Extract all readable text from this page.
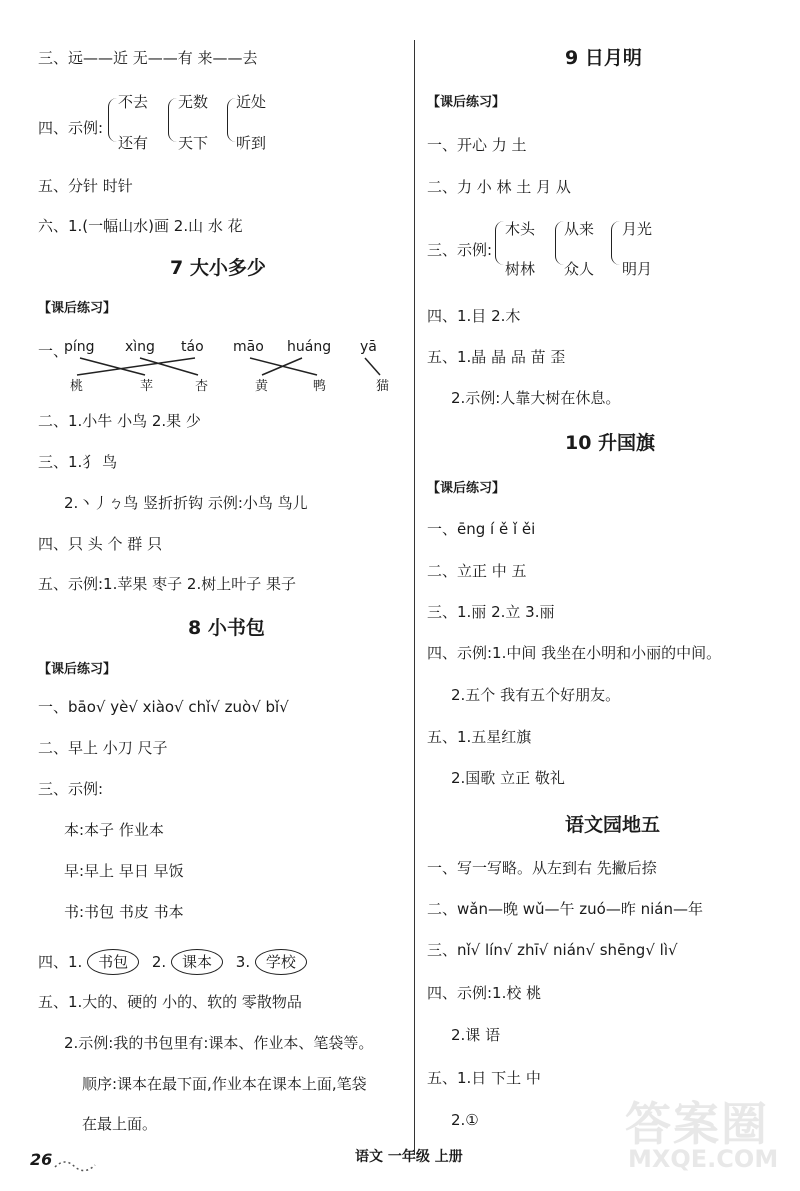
三、远——近 无——有 来——去
四、示例:
不去
还有
无数
天下
近处
听到
五、分针 时针
六、1.(一幅山水)画 2.山 水 花
7 大小多少
【课后练习】
一、
píng xìng táo māo huáng yā
桃	苹	杏	黄	鸭	猫
二、1.小牛 小鸟 2.果 少
三、1.犭 鸟
2.丶丿ㄅ鸟 竖折折钩 示例:小鸟 鸟儿
四、只 头 个 群 只
五、示例:1.苹果 枣子 2.树上叶子 果子
8 小书包
【课后练习】
一、bāo√ yè√ xiào√ chǐ√ zuò√ bǐ√
二、早上 小刀 尺子
三、示例:
本:本子 作业本
早:早上 早日 早饭
书:书包 书皮 书本
四、1. 书包 2. 课本 3. 学校
五、1.大的、硬的 小的、软的 零散物品
2.示例:我的书包里有:课本、作业本、笔袋等。
顺序:课本在最下面,作业本在课本上面,笔袋
在最上面。
26
9 日月明
【课后练习】
一、开心 力 土
二、力 小 林 土 月 从
三、示例:
木头
树林
从来
众人
月光
明月
四、1.目 2.木
五、1.晶 晶 品 苗 歪
2.示例:人靠大树在休息。
10 升国旗
【课后练习】
一、ēng í ě ǐ ěi
二、立正 中 五
三、1.丽 2.立 3.丽
四、示例:1.中间 我坐在小明和小丽的中间。
2.五个 我有五个好朋友。
五、1.五星红旗
2.国歌 立正 敬礼
语文园地五
一、写一写略。从左到右 先撇后捺
二、wǎn—晚 wǔ—午 zuó—昨 nián—年
三、nǐ√ lín√ zhī√ nián√ shēng√ lì√
四、示例:1.校 桃
2.课 语
五、1.日 下土 中
2.①
语文 一年级 上册
答案圈
MXQE.COM
